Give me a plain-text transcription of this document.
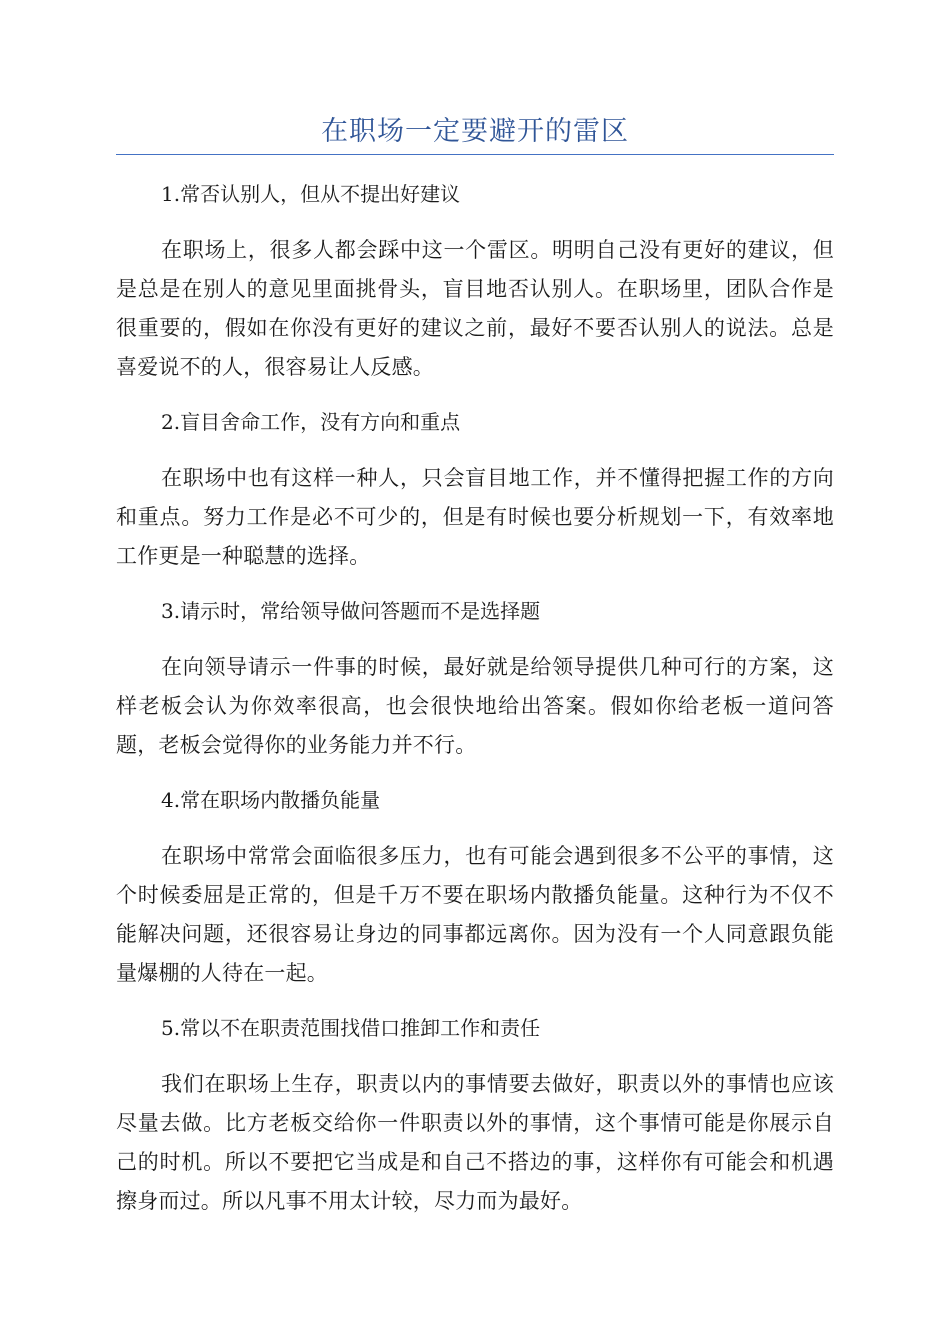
在职场一定要避开的雷区
1.常否认别人，但从不提出好建议

在职场上，很多人都会踩中这一个雷区。明明自己没有更好的建议，但是总是在别人的意见里面挑骨头，盲目地否认别人。在职场里，团队合作是很重要的，假如在你没有更好的建议之前，最好不要否认别人的说法。总是喜爱说不的人，很容易让人反感。

2.盲目舍命工作，没有方向和重点

在职场中也有这样一种人，只会盲目地工作，并不懂得把握工作的方向和重点。努力工作是必不可少的，但是有时候也要分析规划一下，有效率地工作更是一种聪慧的选择。

3.请示时，常给领导做问答题而不是选择题

在向领导请示一件事的时候，最好就是给领导提供几种可行的方案，这样老板会认为你效率很高，也会很快地给出答案。假如你给老板一道问答题，老板会觉得你的业务能力并不行。

4.常在职场内散播负能量

在职场中常常会面临很多压力，也有可能会遇到很多不公平的事情，这个时候委屈是正常的，但是千万不要在职场内散播负能量。这种行为不仅不能解决问题，还很容易让身边的同事都远离你。因为没有一个人同意跟负能量爆棚的人待在一起。

5.常以不在职责范围找借口推卸工作和责任

我们在职场上生存，职责以内的事情要去做好，职责以外的事情也应该尽量去做。比方老板交给你一件职责以外的事情，这个事情可能是你展示自己的时机。所以不要把它当成是和自己不搭边的事，这样你有可能会和机遇擦身而过。所以凡事不用太计较，尽力而为最好。
